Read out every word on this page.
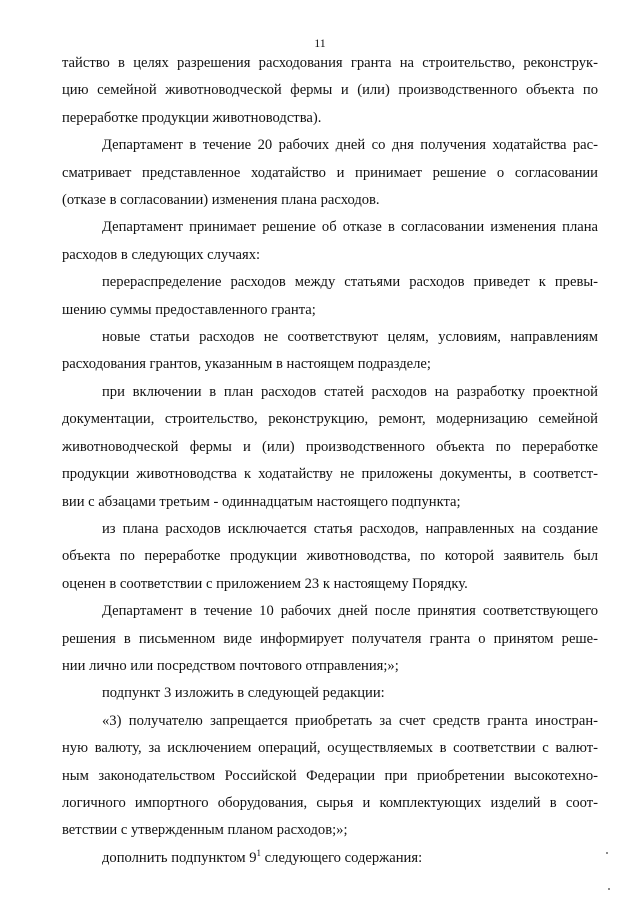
11
тайство в целях разрешения расходования гранта на строительство, реконструк-
цию семейной животноводческой фермы и (или) производственного объекта по
переработке продукции животноводства).
Департамент в течение 20 рабочих дней со дня получения ходатайства рас-
сматривает представленное ходатайство и принимает решение о согласовании
(отказе в согласовании) изменения плана расходов.
Департамент принимает решение об отказе в согласовании изменения плана
расходов в следующих случаях:
перераспределение расходов между статьями расходов приведет к превы-
шению суммы предоставленного гранта;
новые статьи расходов не соответствуют целям, условиям, направлениям
расходования грантов, указанным в настоящем подразделе;
при включении в план расходов статей расходов на разработку проектной
документации, строительство, реконструкцию, ремонт, модернизацию семейной
животноводческой фермы и (или) производственного объекта по переработке
продукции животноводства к ходатайству не приложены документы, в соответст-
вии с абзацами третьим - одиннадцатым настоящего подпункта;
из плана расходов исключается статья расходов, направленных на создание
объекта по переработке продукции животноводства, по которой заявитель был
оценен в соответствии с приложением 23 к настоящему Порядку.
Департамент в течение 10 рабочих дней после принятия соответствующего
решения в письменном виде информирует получателя гранта о принятом реше-
нии лично или посредством почтового отправления;»;
подпункт 3 изложить в следующей редакции:
«3) получателю запрещается приобретать за счет средств гранта иностран-
ную валюту, за исключением операций, осуществляемых в соответствии с валют-
ным законодательством Российской Федерации при приобретении высокотехно-
логичного импортного оборудования, сырья и комплектующих изделий в соот-
ветствии с утвержденным планом расходов;»;
дополнить подпунктом 9$^1$ следующего содержания:
